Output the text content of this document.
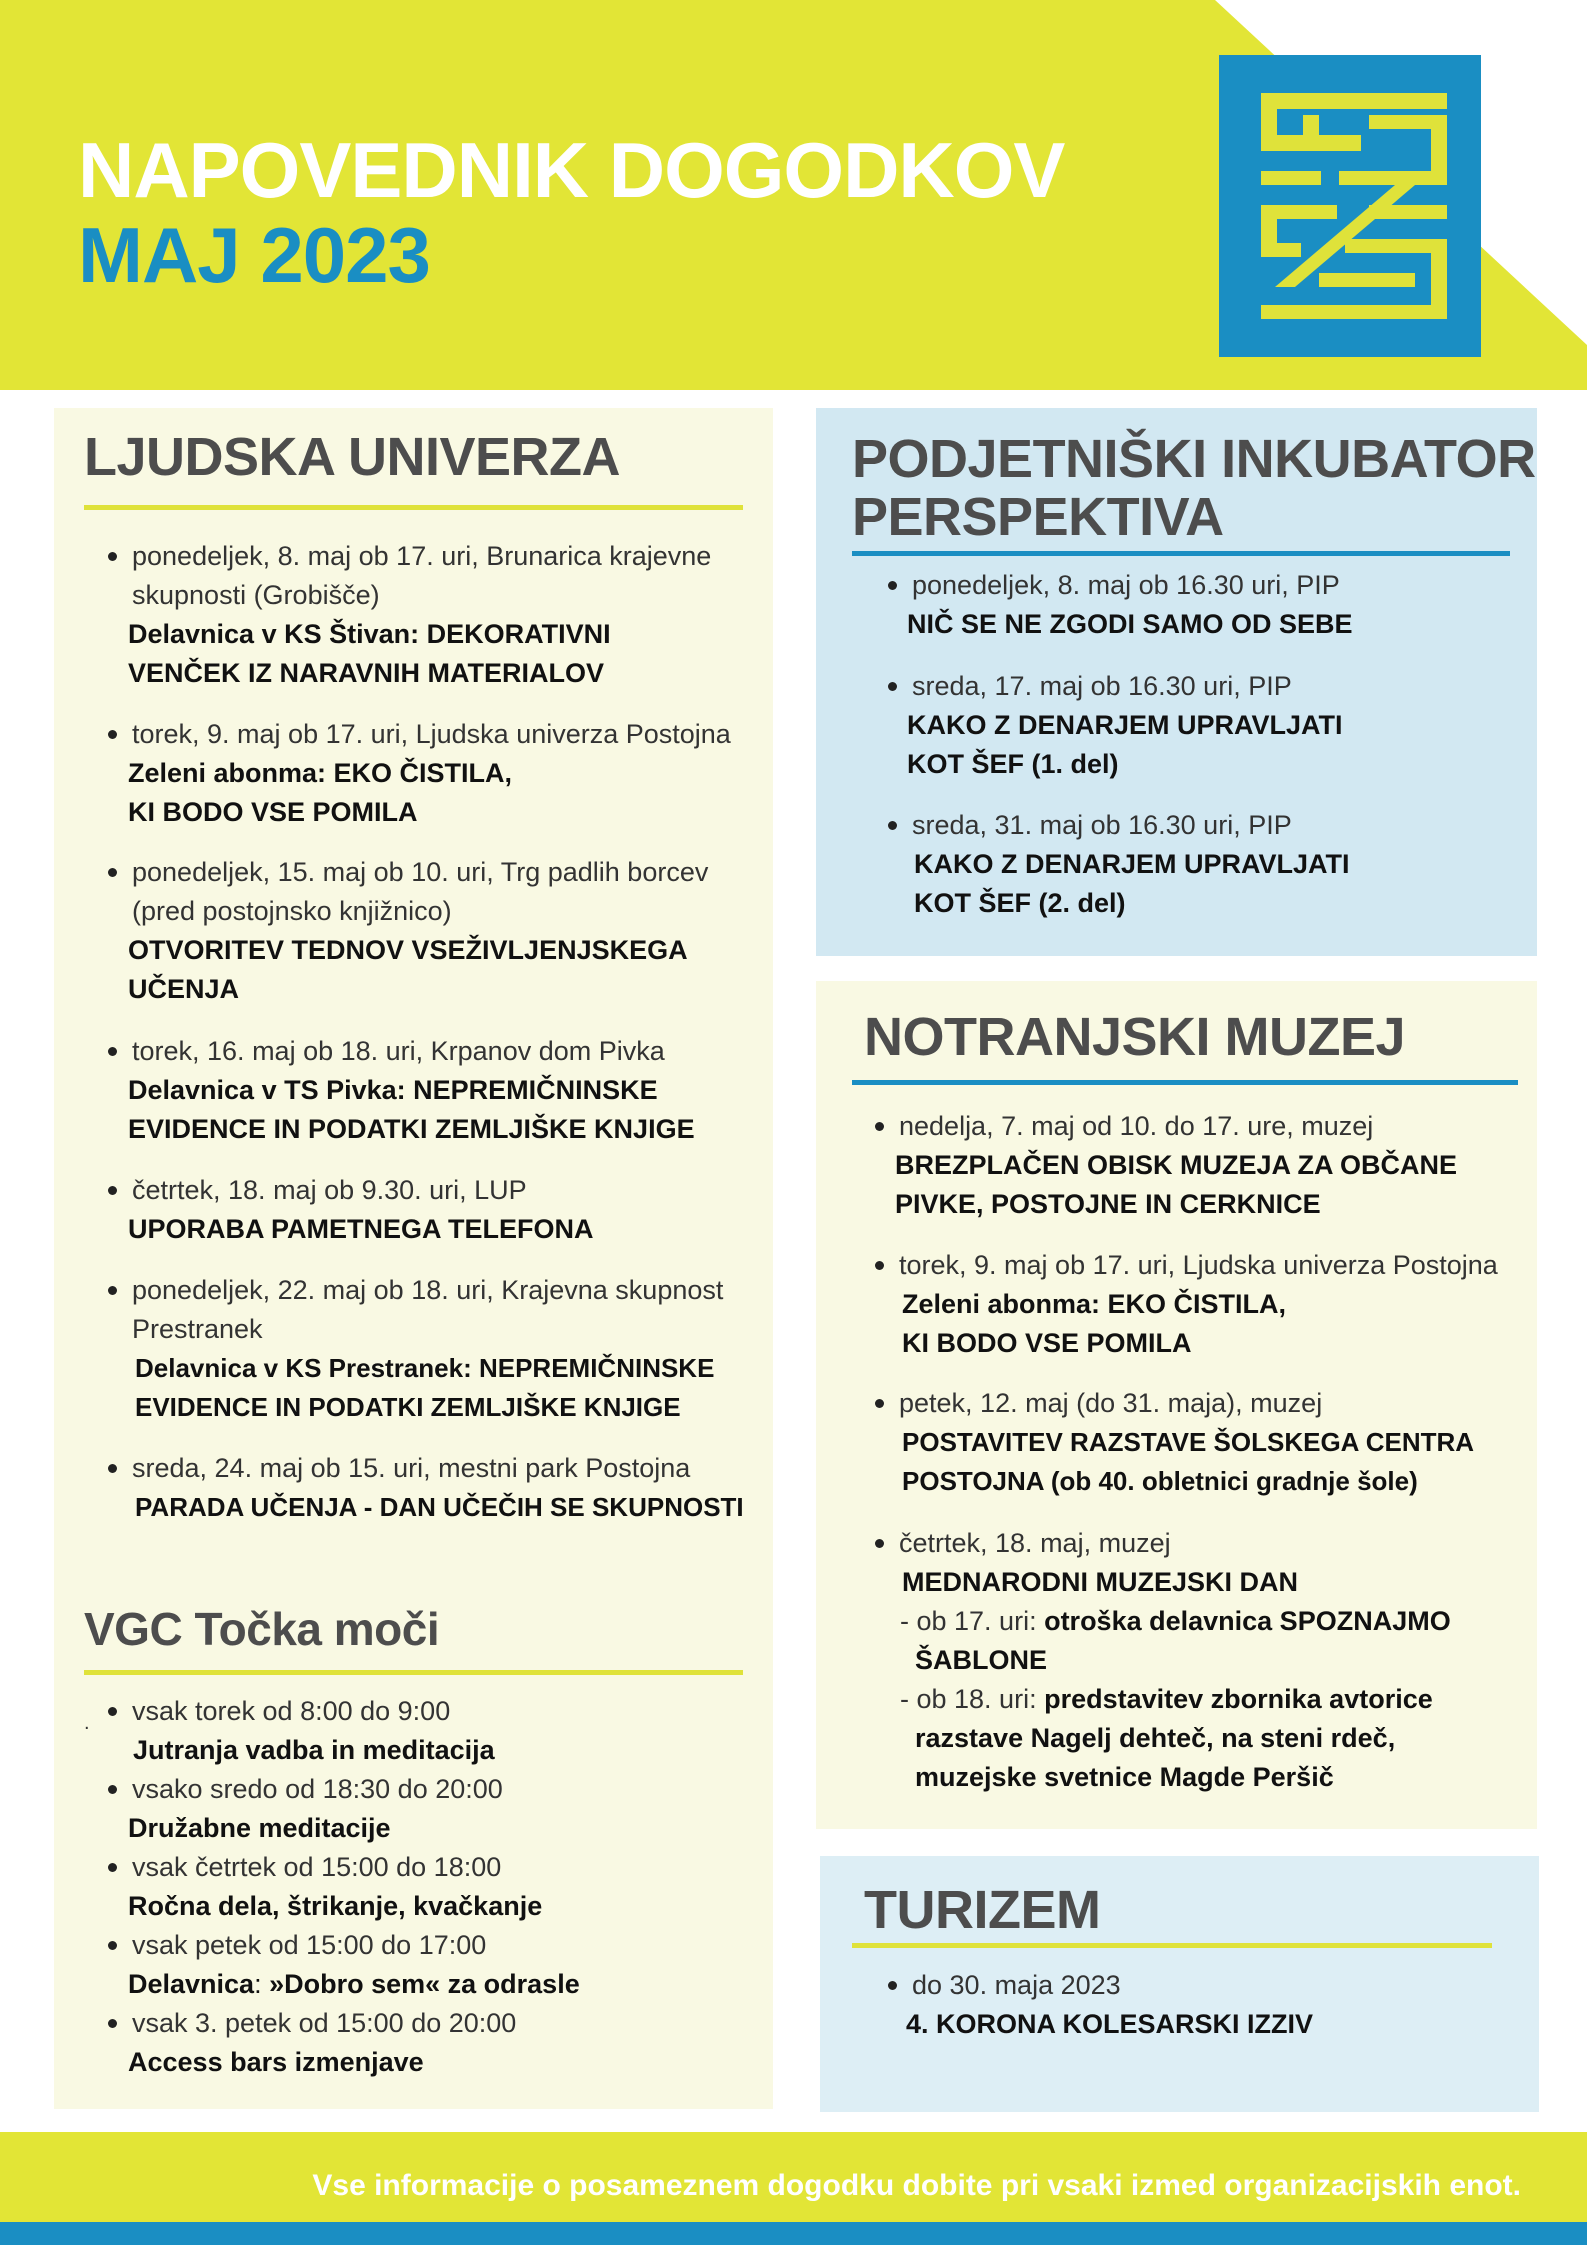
NAPOVEDNIK DOGODKOV
MAJ 2023
LJUDSKA UNIVERZA
ponedeljek, 8. maj ob 17. uri, Brunarica krajevne
skupnosti (Grobišče)
Delavnica v KS Štivan: DEKORATIVNI
VENČEK IZ NARAVNIH MATERIALOV
torek, 9. maj ob 17. uri, Ljudska univerza Postojna
Zeleni abonma: EKO ČISTILA,
KI BODO VSE POMILA
ponedeljek, 15. maj ob 10. uri, Trg padlih borcev
(pred postojnsko knjižnico)
OTVORITEV TEDNOV VSEŽIVLJENJSKEGA
UČENJA
torek, 16. maj ob 18. uri, Krpanov dom Pivka
Delavnica v TS Pivka: NEPREMIČNINSKE
EVIDENCE IN PODATKI ZEMLJIŠKE KNJIGE
četrtek, 18. maj ob 9.30. uri, LUP
UPORABA PAMETNEGA TELEFONA
ponedeljek, 22. maj ob 18. uri, Krajevna skupnost
Prestranek
Delavnica v KS Prestranek: NEPREMIČNINSKE
EVIDENCE IN PODATKI ZEMLJIŠKE KNJIGE
sreda, 24. maj ob 15. uri, mestni park Postojna
PARADA UČENJA - DAN UČEČIH SE SKUPNOSTI
VGC Točka moči
.	vsak torek od 8:00 do 9:00
Jutranja vadba in meditacija
vsako sredo od 18:30 do 20:00
Družabne meditacije
vsak četrtek od 15:00 do 18:00
Ročna dela, štrikanje, kvačkanje
vsak petek od 15:00 do 17:00
Delavnica: »Dobro sem« za odrasle
vsak 3. petek od 15:00 do 20:00
Access bars izmenjave
PODJETNIŠKI INKUBATOR
PERSPEKTIVA
ponedeljek, 8. maj ob 16.30 uri, PIP
NIČ SE NE ZGODI SAMO OD SEBE
sreda, 17. maj ob 16.30 uri, PIP
KAKO Z DENARJEM UPRAVLJATI
KOT ŠEF (1. del)
sreda, 31. maj ob 16.30 uri, PIP
KAKO Z DENARJEM UPRAVLJATI
KOT ŠEF (2. del)
NOTRANJSKI MUZEJ
nedelja, 7. maj od 10. do 17. ure, muzej
BREZPLAČEN OBISK MUZEJA ZA OBČANE
PIVKE, POSTOJNE IN CERKNICE
torek, 9. maj ob 17. uri, Ljudska univerza Postojna
Zeleni abonma: EKO ČISTILA,
KI BODO VSE POMILA
petek, 12. maj (do 31. maja), muzej
POSTAVITEV RAZSTAVE ŠOLSKEGA CENTRA
POSTOJNA (ob 40. obletnici gradnje šole)
četrtek, 18. maj, muzej
MEDNARODNI MUZEJSKI DAN
- ob 17. uri: otroška delavnica SPOZNAJMO
ŠABLONE
- ob 18. uri: predstavitev zbornika avtorice
razstave Nagelj dehteč, na steni rdeč,
muzejske svetnice Magde Peršič
TURIZEM
do 30. maja 2023
4. KORONA KOLESARSKI IZZIV
Vse informacije o posameznem dogodku dobite pri vsaki izmed organizacijskih enot.
